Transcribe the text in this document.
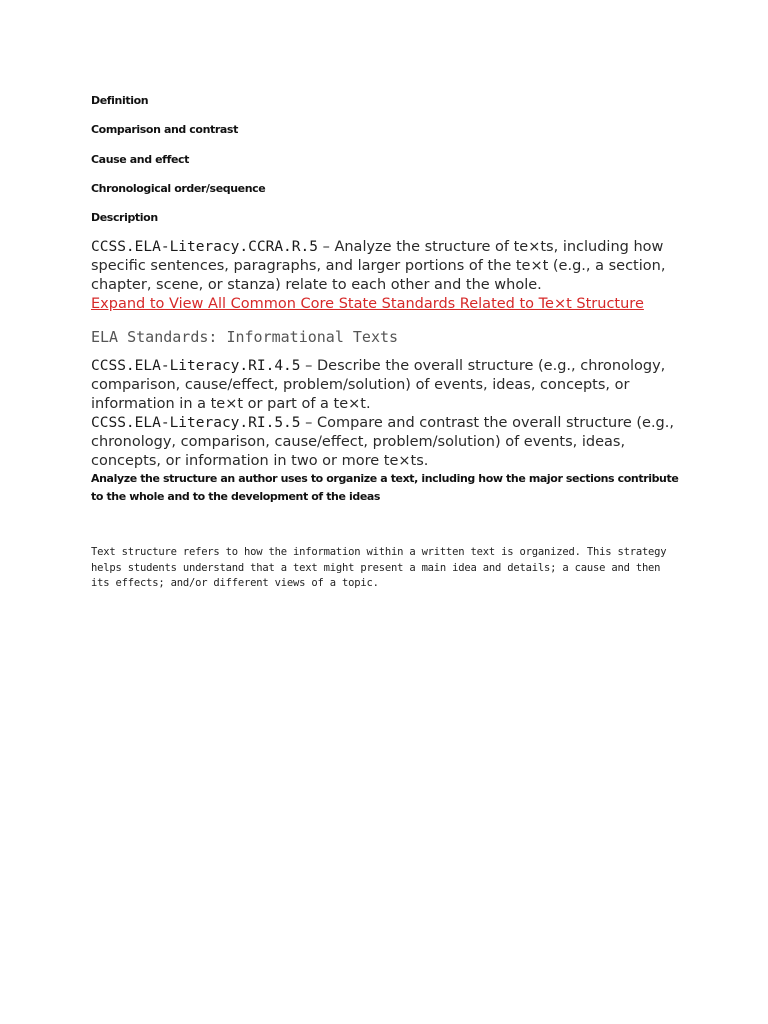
Definition
Comparison and contrast
Cause and effect
Chronological order/sequence
Description
CCSS.ELA-Literacy.CCRA.R.5 – Analyze the structure of te×ts, including how specific sentences, paragraphs, and larger portions of the te×t (e.g., a section, chapter, scene, or stanza) relate to each other and the whole.
Expand to View All Common Core State Standards Related to Te×t Structure
ELA Standards: Informational Texts
CCSS.ELA-Literacy.RI.4.5 – Describe the overall structure (e.g., chronology, comparison, cause/effect, problem/solution) of events, ideas, concepts, or information in a te×t or part of a te×t.
CCSS.ELA-Literacy.RI.5.5 – Compare and contrast the overall structure (e.g., chronology, comparison, cause/effect, problem/solution) of events, ideas, concepts, or information in two or more te×ts.
Analyze the structure an author uses to organize a text, including how the major sections contribute to the whole and to the development of the ideas
Text structure refers to how the information within a written text is organized. This strategy helps students understand that a text might present a main idea and details; a cause and then its effects; and/or different views of a topic.
